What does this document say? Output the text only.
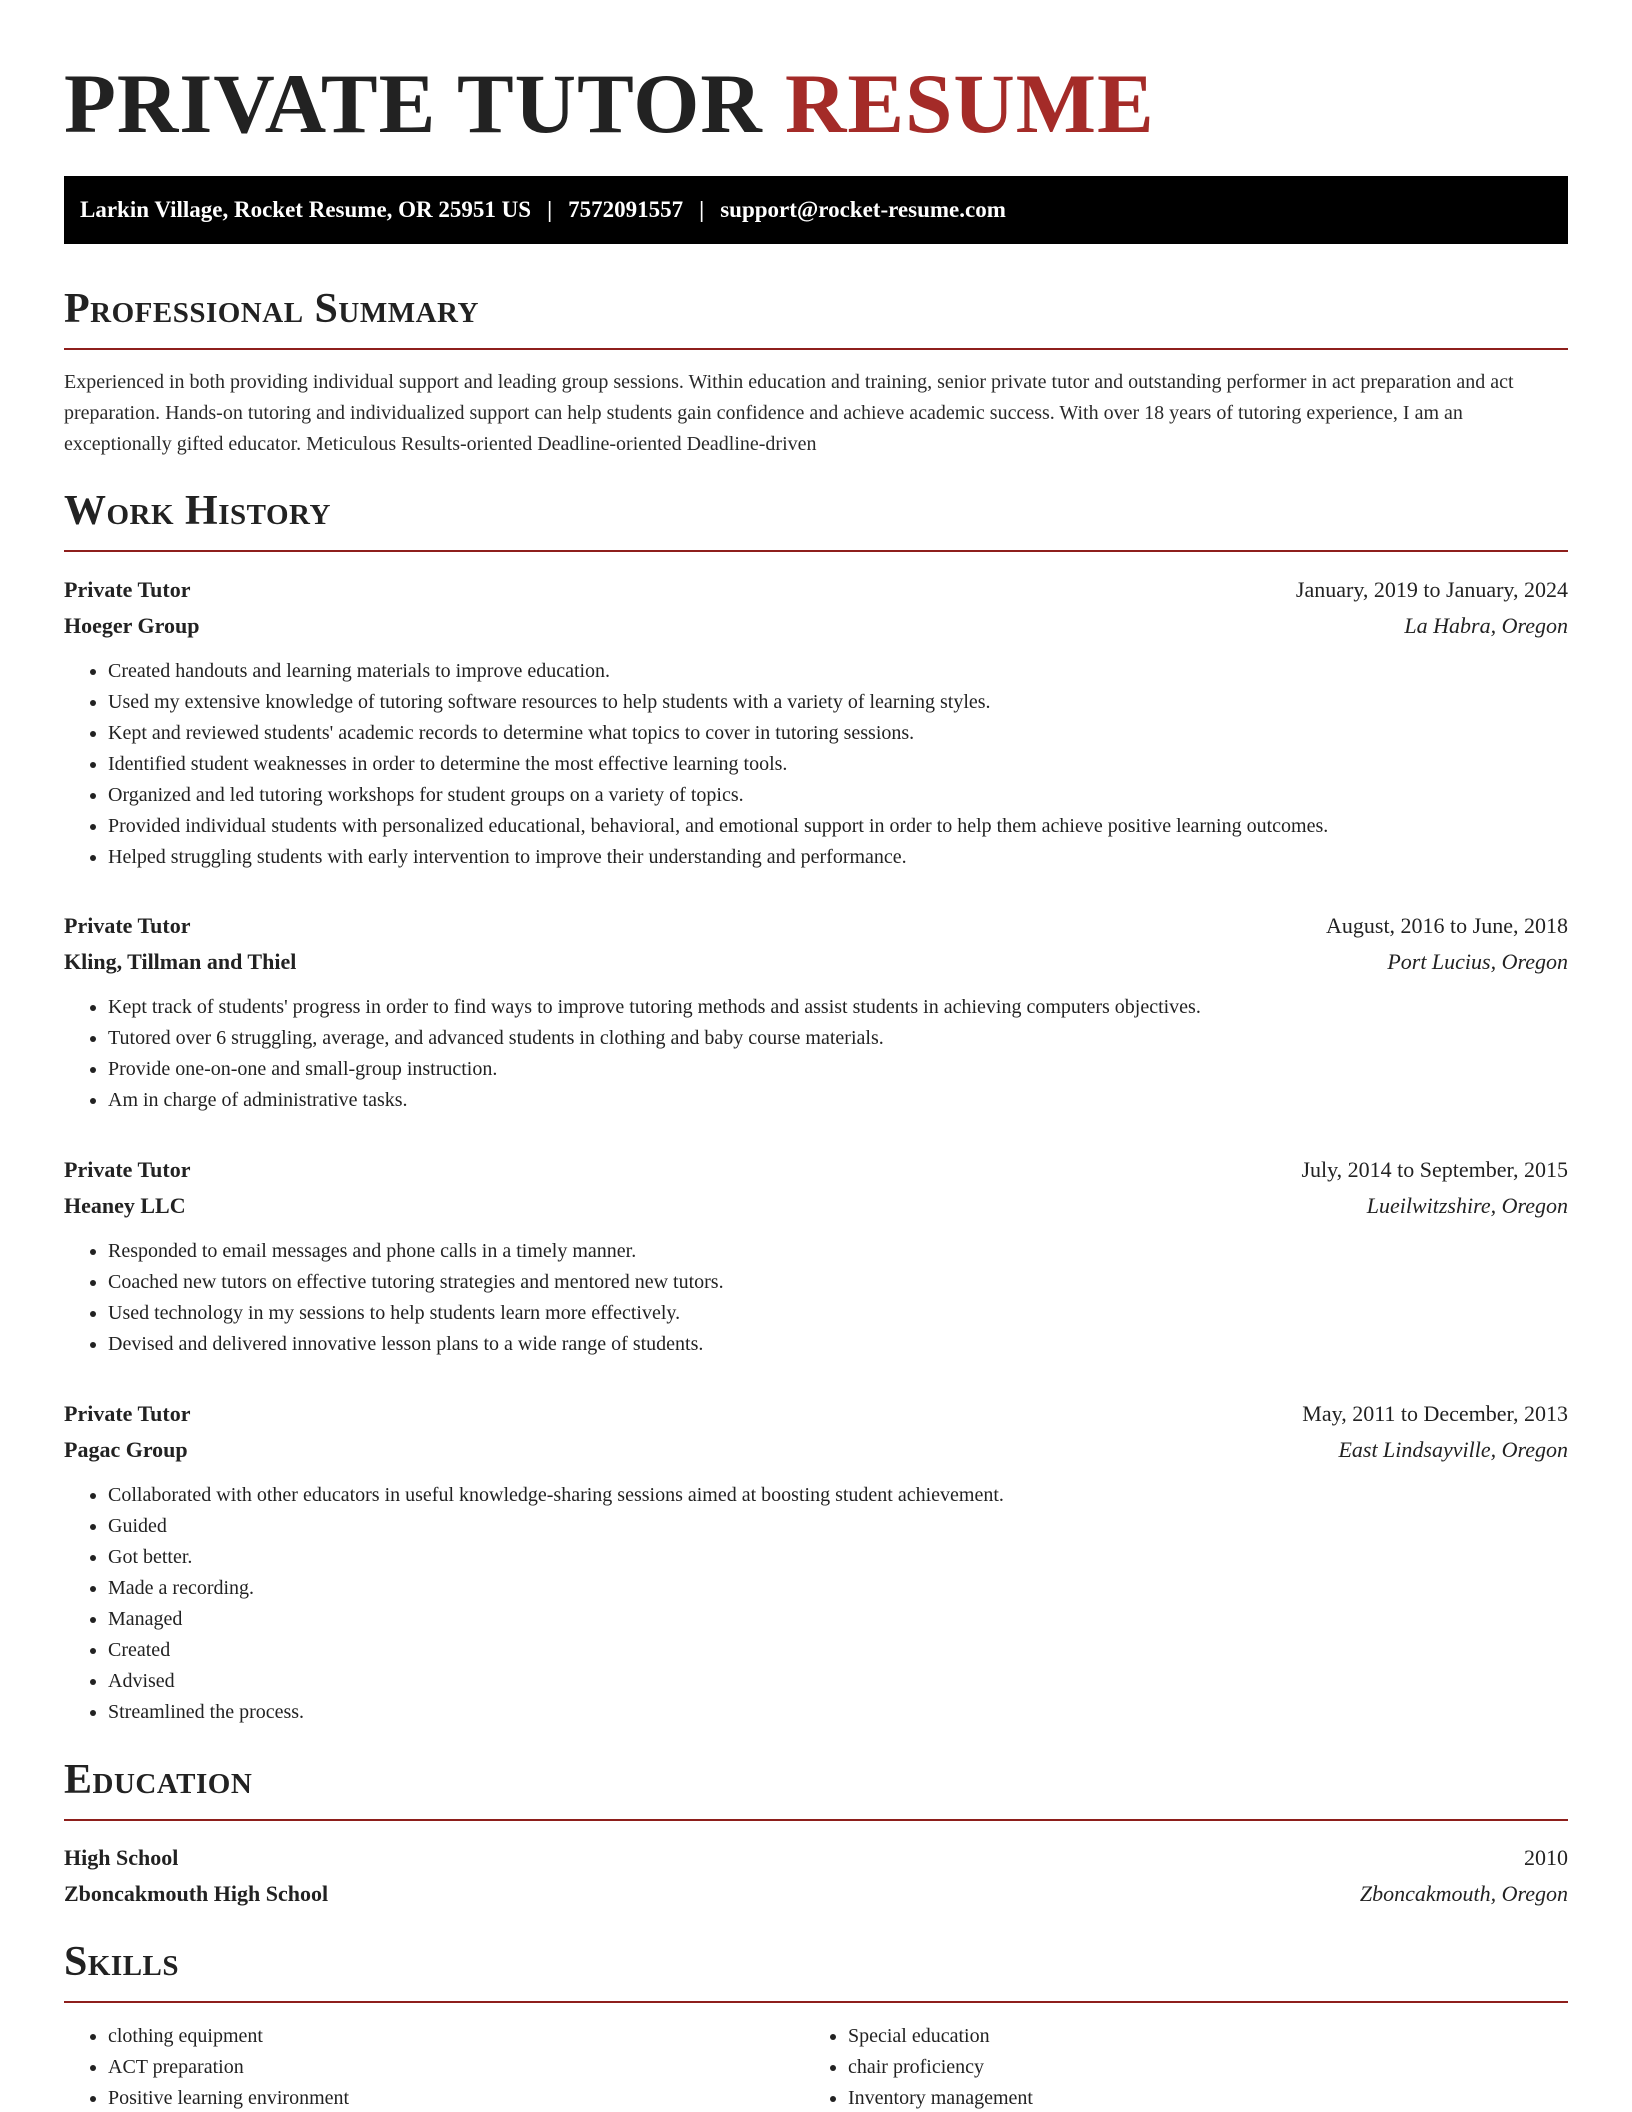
PRIVATE TUTOR RESUME
Larkin Village, Rocket Resume, OR 25951 US | 7572091557 | support@rocket-resume.com
Professional Summary

Experienced in both providing individual support and leading group sessions. Within education and training, senior private tutor and outstanding performer in act preparation and act preparation. Hands-on tutoring and individualized support can help students gain confidence and achieve academic success. With over 18 years of tutoring experience, I am an exceptionally gifted educator. Meticulous Results-oriented Deadline-oriented Deadline-driven

Work History
Private Tutor	January, 2019 to January, 2024
Hoeger Group	La Habra, Oregon
• Created handouts and learning materials to improve education.
• Used my extensive knowledge of tutoring software resources to help students with a variety of learning styles.
• Kept and reviewed students' academic records to determine what topics to cover in tutoring sessions.
• Identified student weaknesses in order to determine the most effective learning tools.
• Organized and led tutoring workshops for student groups on a variety of topics.
• Provided individual students with personalized educational, behavioral, and emotional support in order to help them achieve positive learning outcomes.
• Helped struggling students with early intervention to improve their understanding and performance.
Private Tutor	August, 2016 to June, 2018
Kling, Tillman and Thiel	Port Lucius, Oregon
• Kept track of students' progress in order to find ways to improve tutoring methods and assist students in achieving computers objectives.
• Tutored over 6 struggling, average, and advanced students in clothing and baby course materials.
• Provide one-on-one and small-group instruction.
• Am in charge of administrative tasks.
Private Tutor	July, 2014 to September, 2015
Heaney LLC	Lueilwitzshire, Oregon
• Responded to email messages and phone calls in a timely manner.
• Coached new tutors on effective tutoring strategies and mentored new tutors.
• Used technology in my sessions to help students learn more effectively.
• Devised and delivered innovative lesson plans to a wide range of students.
Private Tutor	May, 2011 to December, 2013
Pagac Group	East Lindsayville, Oregon
• Collaborated with other educators in useful knowledge-sharing sessions aimed at boosting student achievement.
• Guided
• Got better.
• Made a recording.
• Managed
• Created
• Advised
• Streamlined the process.
Education
High School	2010
Zboncakmouth High School	Zboncakmouth, Oregon
Skills
• clothing equipment
• ACT preparation
• Positive learning environment
• Special education
• chair proficiency
• Inventory management
